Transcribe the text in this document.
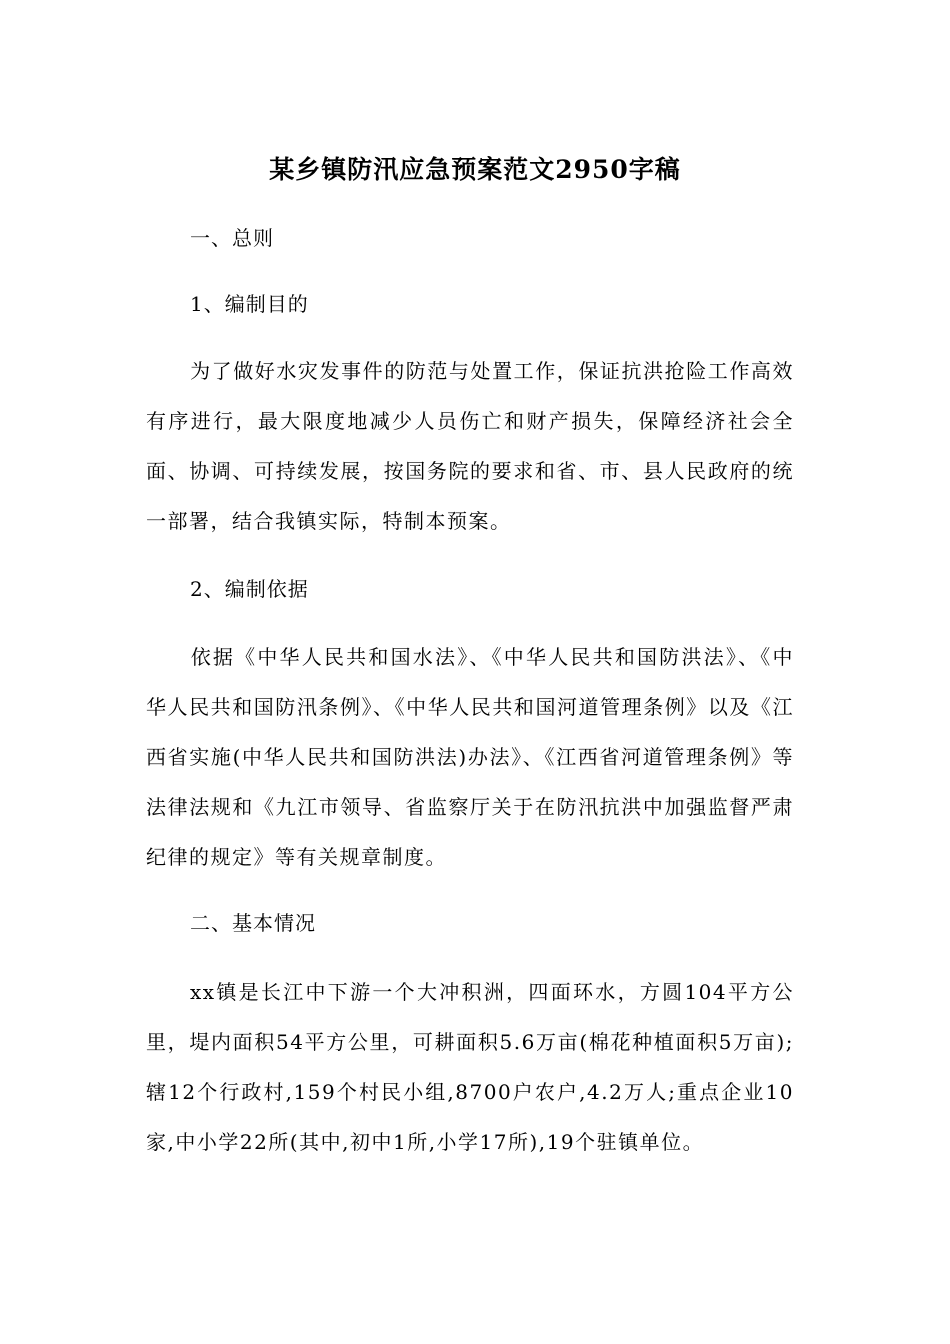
某乡镇防汛应急预案范文2950字稿
一、总则
1、编制目的
为了做好水灾发事件的防范与处置工作，保证抗洪抢险工作高效有序进行，最大限度地减少人员伤亡和财产损失，保障经济社会全面、协调、可持续发展，按国务院的要求和省、市、县人民政府的统一部署，结合我镇实际，特制本预案。
2、编制依据
依据《中华人民共和国水法》、《中华人民共和国防洪法》、《中华人民共和国防汛条例》、《中华人民共和国河道管理条例》以及《江西省实施(中华人民共和国防洪法)办法》、《江西省河道管理条例》等法律法规和《九江市领导、省监察厅关于在防汛抗洪中加强监督严肃纪律的规定》等有关规章制度。
二、基本情况
xx镇是长江中下游一个大冲积洲，四面环水，方圆104平方公里，堤内面积54平方公里，可耕面积5.6万亩(棉花种植面积5万亩);辖12个行政村,159个村民小组,8700户农户,4.2万人;重点企业10家,中小学22所(其中,初中1所,小学17所),19个驻镇单位。
